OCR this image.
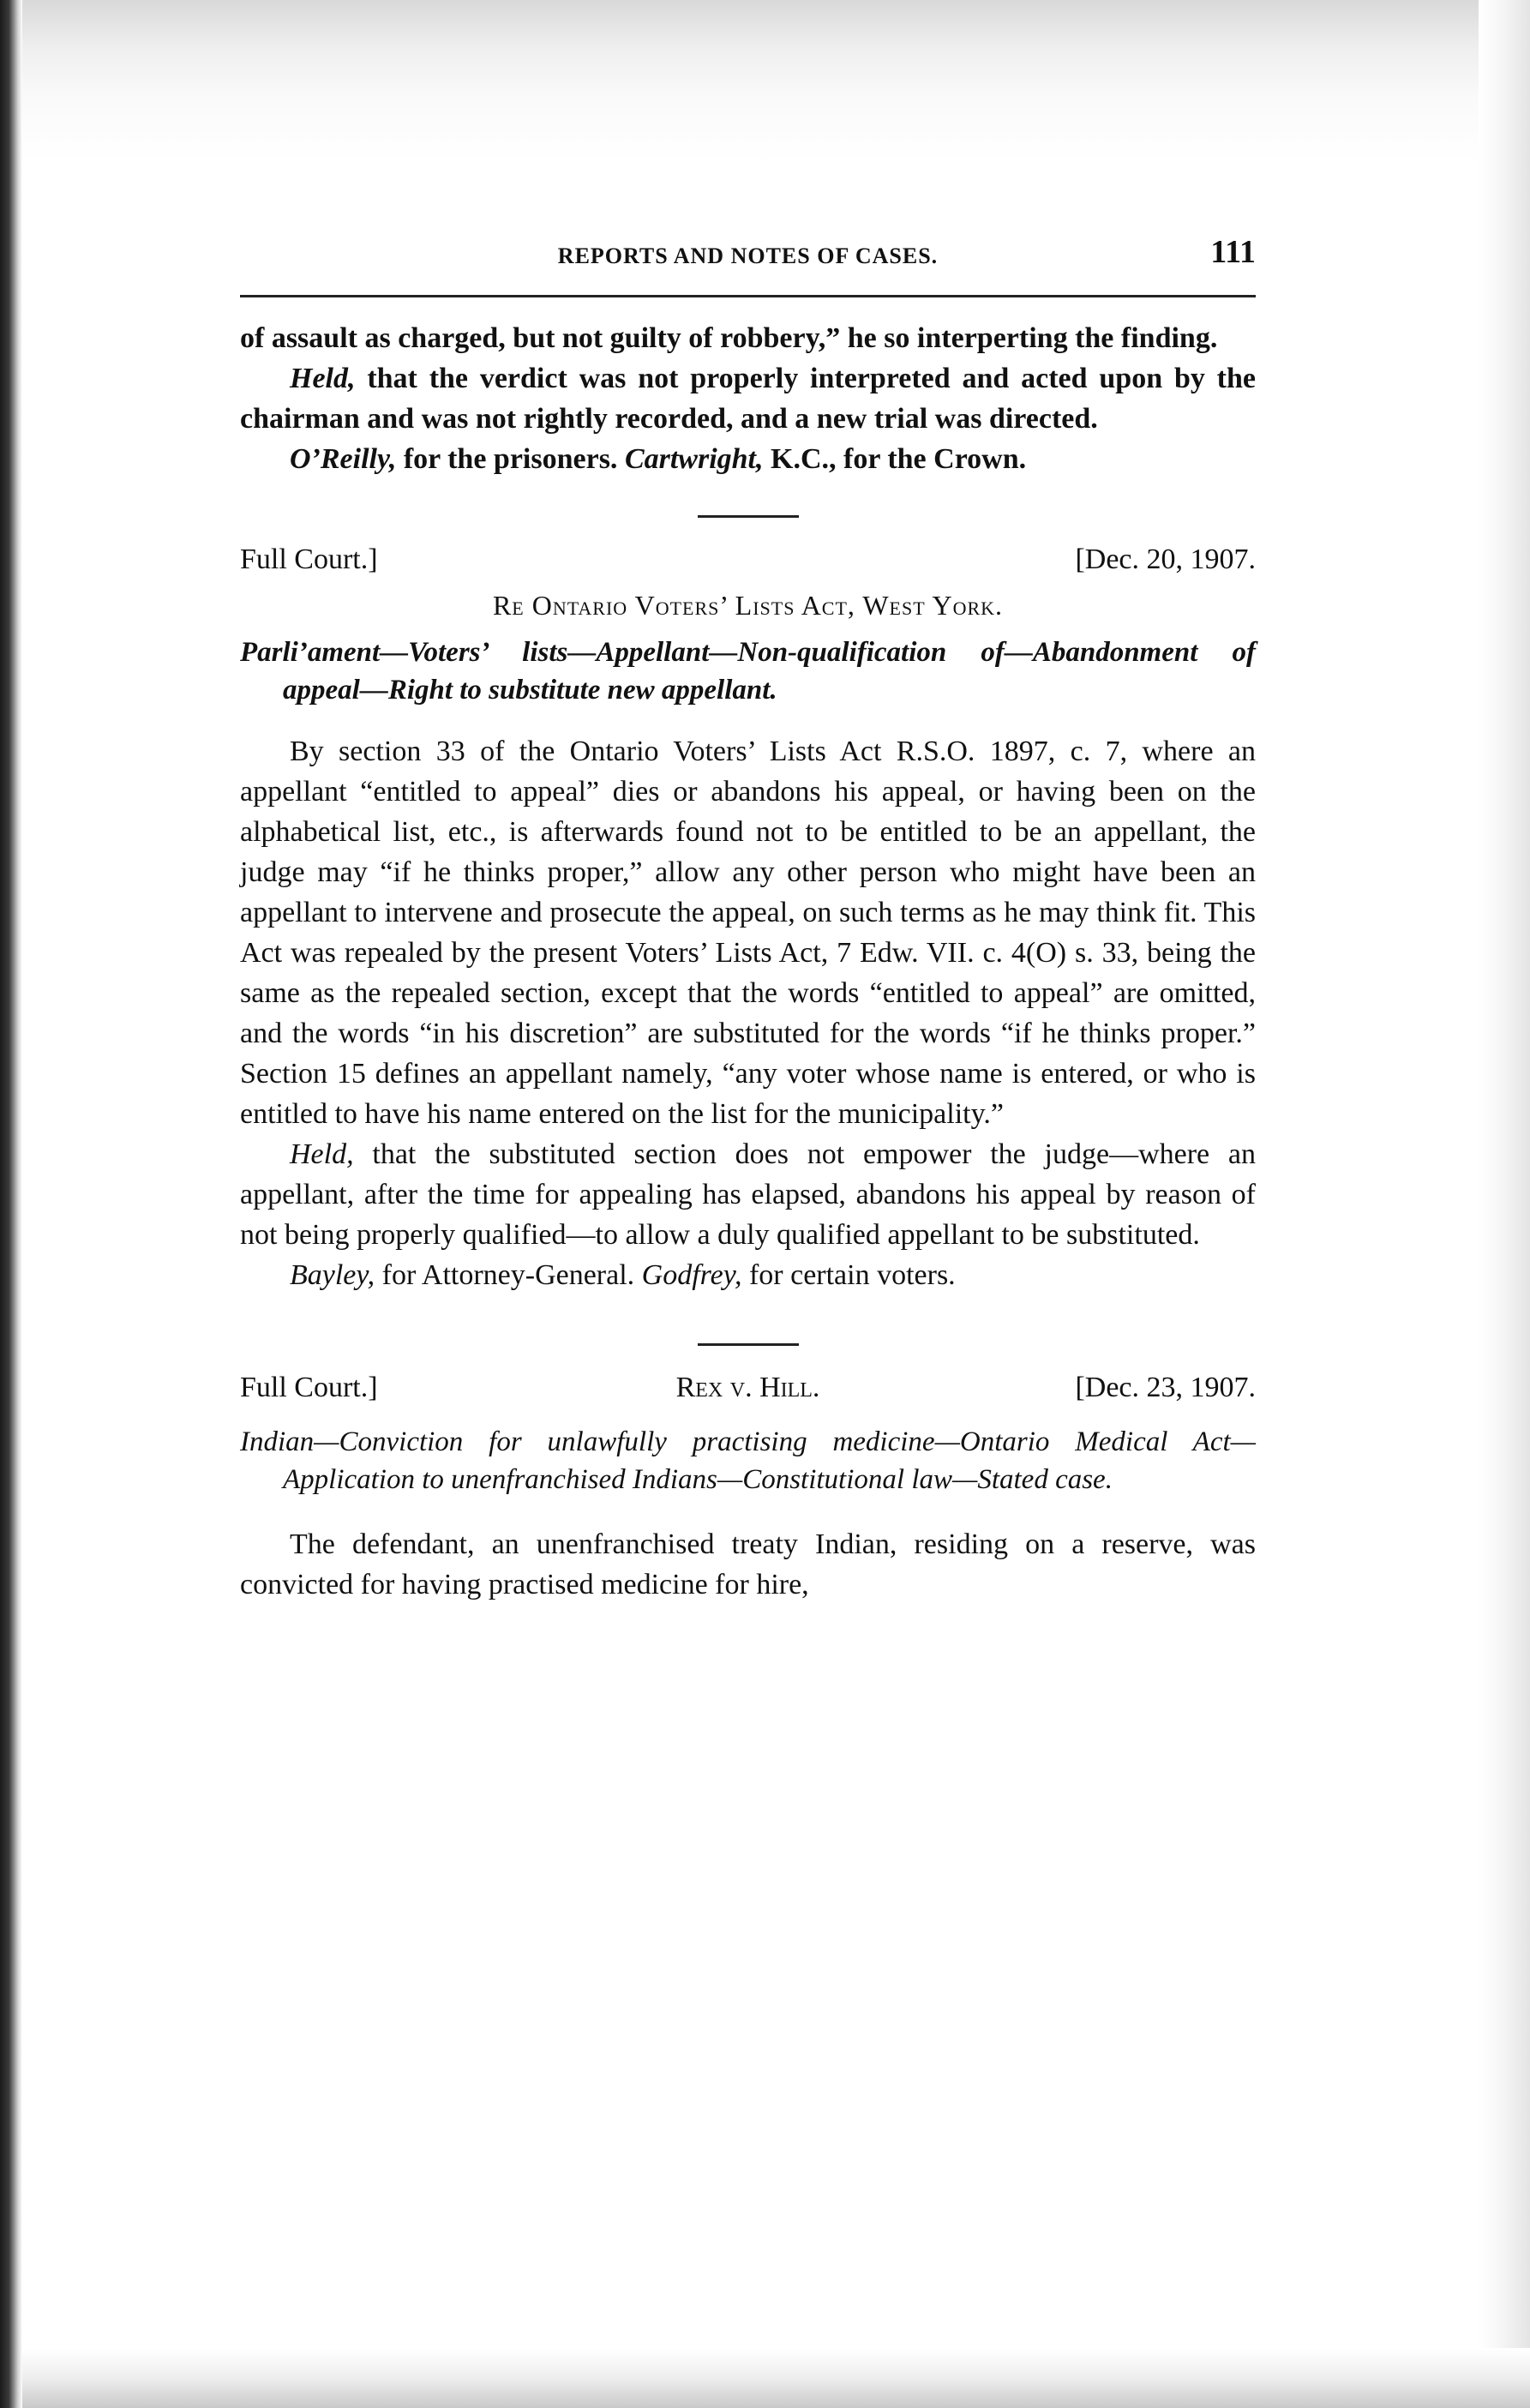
REPORTS AND NOTES OF CASES.	111

of assault as charged, but not guilty of robbery,” he so interperting the finding.

Held, that the verdict was not properly interpreted and acted upon by the chairman and was not rightly recorded, and a new trial was directed.

O’Reilly, for the prisoners. Cartwright, K.C., for the Crown.

Full Court.]	[Dec. 20, 1907.
Re Ontario Voters’ Lists Act, West York.
Parli’ament—Voters’ lists—Appellant—Non-qualification of—Abandonment of appeal—Right to substitute new appellant.

By section 33 of the Ontario Voters’ Lists Act R.S.O. 1897, c. 7, where an appellant “entitled to appeal” dies or abandons his appeal, or having been on the alphabetical list, etc., is afterwards found not to be entitled to be an appellant, the judge may “if he thinks proper,” allow any other person who might have been an appellant to intervene and prosecute the appeal, on such terms as he may think fit. This Act was repealed by the present Voters’ Lists Act, 7 Edw. VII. c. 4(O) s. 33, being the same as the repealed section, except that the words “entitled to appeal” are omitted, and the words “in his discretion” are substituted for the words “if he thinks proper.” Section 15 defines an appellant namely, “any voter whose name is entered, or who is entitled to have his name entered on the list for the municipality.”

Held, that the substituted section does not empower the judge—where an appellant, after the time for appealing has elapsed, abandons his appeal by reason of not being properly qualified—to allow a duly qualified appellant to be substituted.

Bayley, for Attorney-General. Godfrey, for certain voters.

Full Court.]	Rex v. Hill.	[Dec. 23, 1907.
Indian—Conviction for unlawfully practising medicine—Ontario Medical Act—Application to unenfranchised Indians—Constitutional law—Stated case.

The defendant, an unenfranchised treaty Indian, residing on a reserve, was convicted for having practised medicine for hire,
